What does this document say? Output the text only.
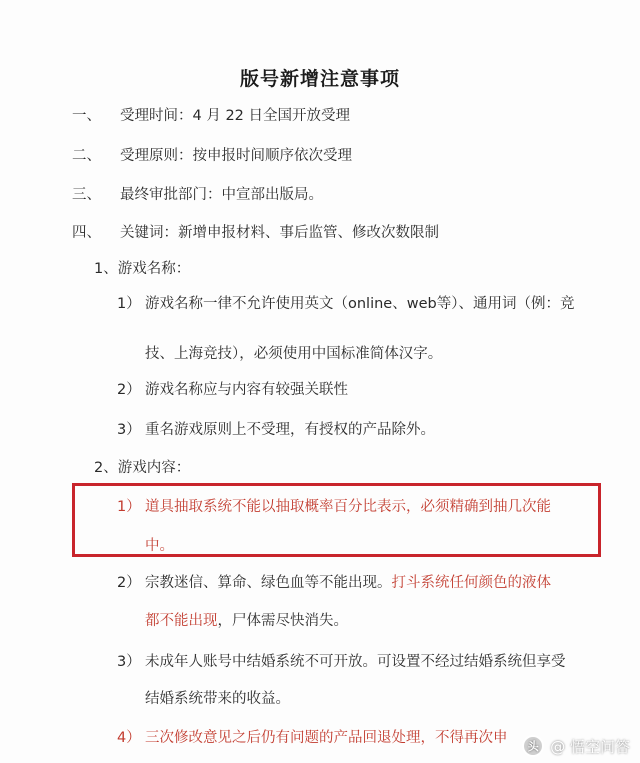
版号新增注意事项
一、 受理时间：4 月 22 日全国开放受理
二、 受理原则：按申报时间顺序依次受理
三、 最终审批部门：中宣部出版局。
四、 关键词：新增申报材料、事后监管、修改次数限制
1、游戏名称：
1） 游戏名称一律不允许使用英文（online、web等）、通用词（例：竞
技、上海竞技），必须使用中国标准简体汉字。
2） 游戏名称应与内容有较强关联性
3） 重名游戏原则上不受理，有授权的产品除外。
2、游戏内容：
1） 道具抽取系统不能以抽取概率百分比表示，必须精确到抽几次能
中。
2） 宗教迷信、算命、绿色血等不能出现。打斗系统任何颜色的液体
都不能出现，尸体需尽快消失。
3） 未成年人账号中结婚系统不可开放。可设置不经过结婚系统但享受
结婚系统带来的收益。
4） 三次修改意见之后仍有问题的产品回退处理，不得再次申
头 @ 悟空问答
